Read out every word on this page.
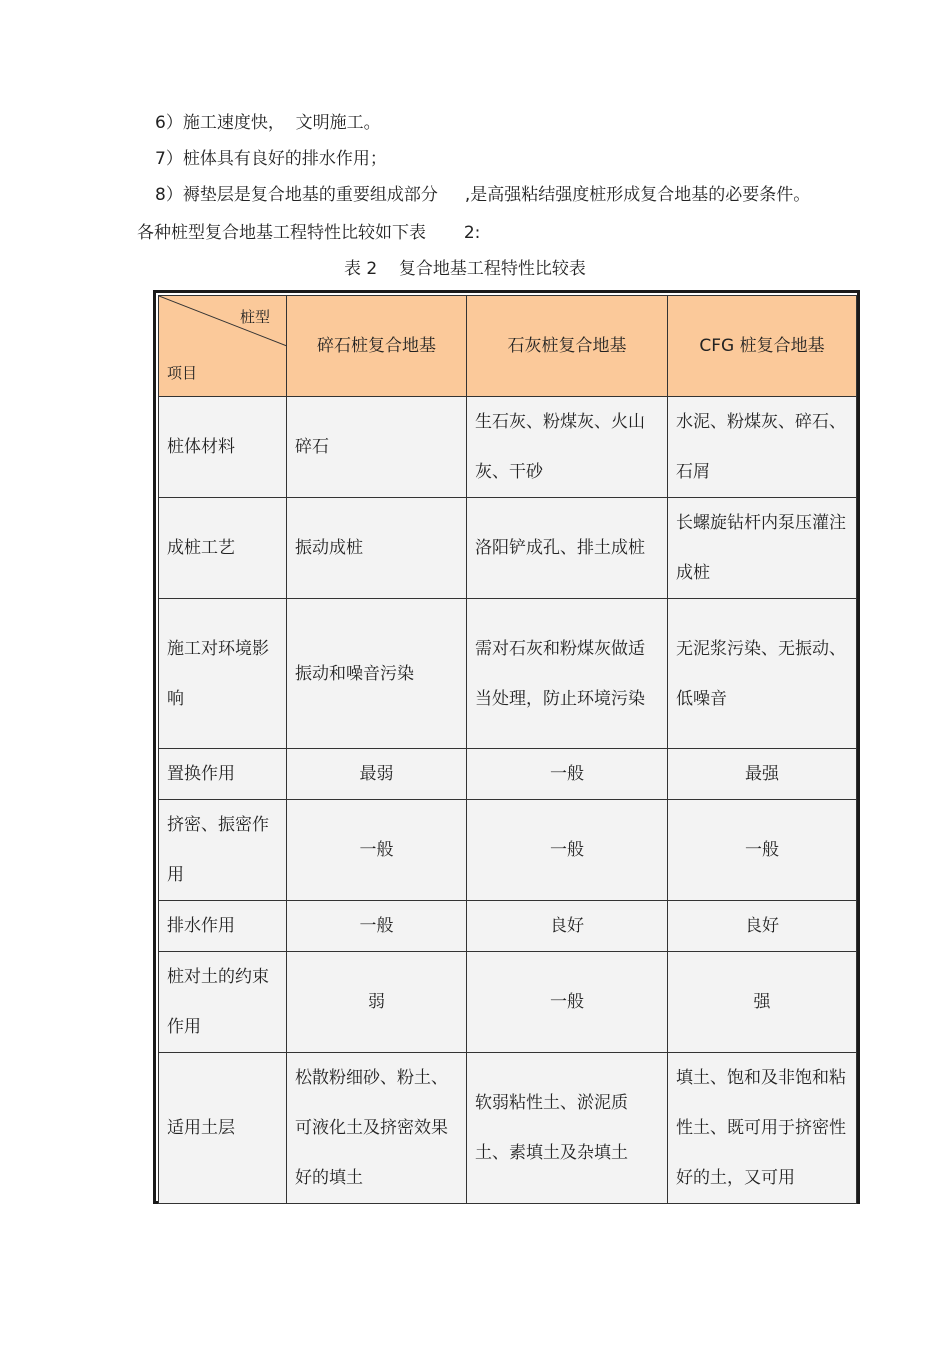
6）施工速度快，  文明施工。
7）桩体具有良好的排水作用；
8）褥垫层是复合地基的重要组成部分     ,是高强粘结强度桩形成复合地基的必要条件。
各种桩型复合地基工程特性比较如下表       2:
表 2    复合地基工程特性比较表
桩型
项目	碎石桩复合地基	石灰桩复合地基	CFG 桩复合地基
桩体材料	碎石	生石灰、粉煤灰、火山灰、干砂	水泥、粉煤灰、碎石、石屑
成桩工艺	振动成桩	洛阳铲成孔、排土成桩	长螺旋钻杆内泵压灌注成桩
施工对环境影响	振动和噪音污染	需对石灰和粉煤灰做适当处理，防止环境污染	无泥浆污染、无振动、低噪音
置换作用	最弱	一般	最强
挤密、振密作用	一般	一般	一般
排水作用	一般	良好	良好
桩对土的约束作用	弱	一般	强
适用土层	松散粉细砂、粉土、可液化土及挤密效果好的填土	软弱粘性土、淤泥质土、素填土及杂填土	填土、饱和及非饱和粘性土、既可用于挤密性好的土，又可用
